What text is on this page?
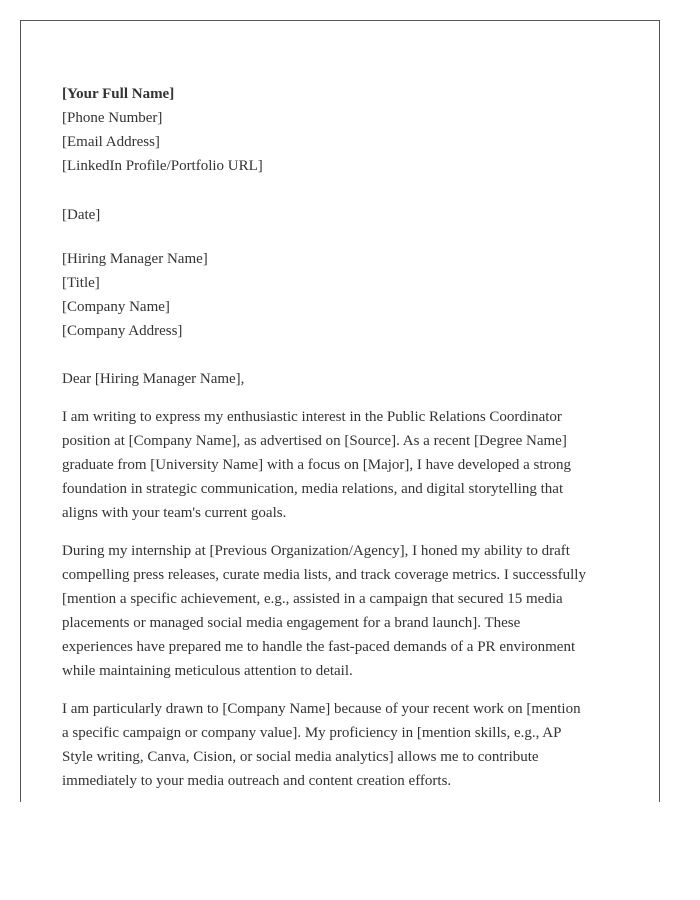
[Your Full Name]
[Phone Number]
[Email Address]
[LinkedIn Profile/Portfolio URL]
[Date]
[Hiring Manager Name]
[Title]
[Company Name]
[Company Address]
Dear [Hiring Manager Name],
I am writing to express my enthusiastic interest in the Public Relations Coordinator
position at [Company Name], as advertised on [Source]. As a recent [Degree Name]
graduate from [University Name] with a focus on [Major], I have developed a strong
foundation in strategic communication, media relations, and digital storytelling that
aligns with your team's current goals.
During my internship at [Previous Organization/Agency], I honed my ability to draft
compelling press releases, curate media lists, and track coverage metrics. I successfully
[mention a specific achievement, e.g., assisted in a campaign that secured 15 media
placements or managed social media engagement for a brand launch]. These
experiences have prepared me to handle the fast-paced demands of a PR environment
while maintaining meticulous attention to detail.
I am particularly drawn to [Company Name] because of your recent work on [mention
a specific campaign or company value]. My proficiency in [mention skills, e.g., AP
Style writing, Canva, Cision, or social media analytics] allows me to contribute
immediately to your media outreach and content creation efforts.
